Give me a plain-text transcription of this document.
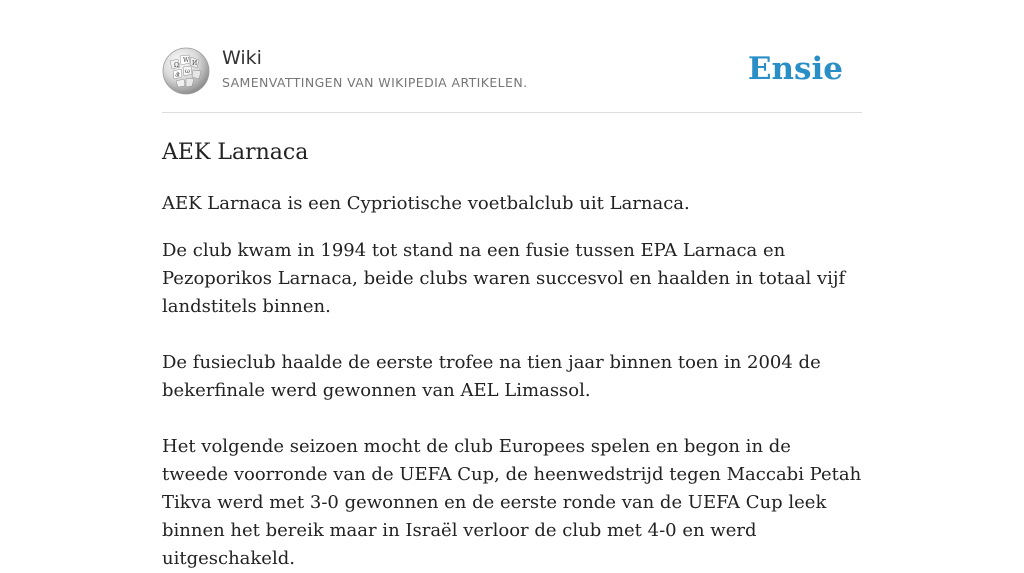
Ω
W И
ω
ऄ
Wiki
SAMENVATTINGEN VAN WIKIPEDIA ARTIKELEN.	Ensie
AEK Larnaca

AEK Larnaca is een Cypriotische voetbalclub uit Larnaca.

De club kwam in 1994 tot stand na een fusie tussen EPA Larnaca en Pezoporikos Larnaca, beide clubs waren succesvol en haalden in totaal vijf landstitels binnen.

De fusieclub haalde de eerste trofee na tien jaar binnen toen in 2004 de bekerfinale werd gewonnen van AEL Limassol.

Het volgende seizoen mocht de club Europees spelen en begon in de tweede voorronde van de UEFA Cup, de heenwedstrijd tegen Maccabi Petah Tikva werd met 3-0 gewonnen en de eerste ronde van de UEFA Cup leek binnen het bereik maar in Israël verloor de club met 4-0 en werd uitgeschakeld.
